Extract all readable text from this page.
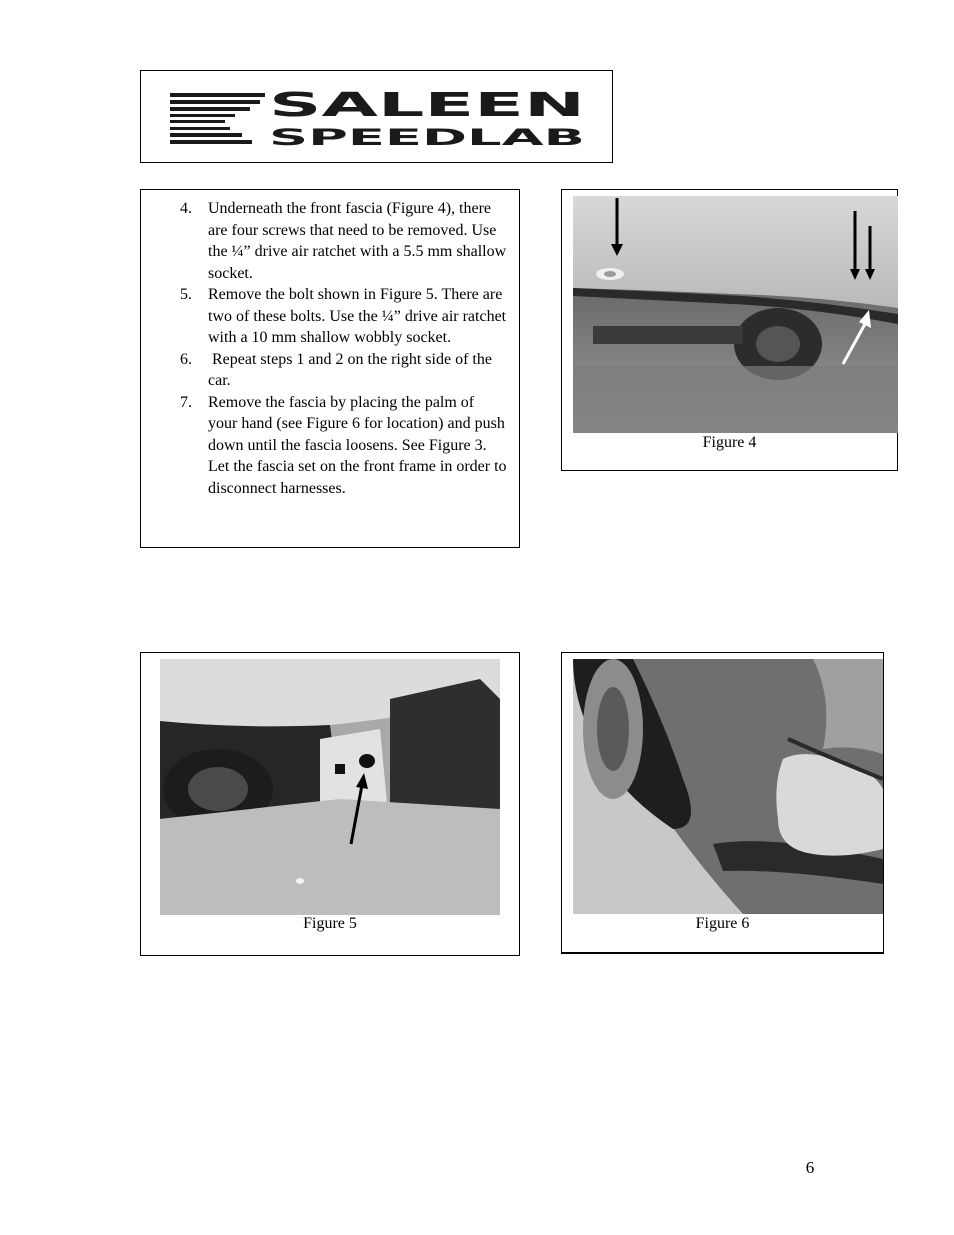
SALEEN
SPEEDLAB
4. Underneath the front fascia (Figure 4), there are four screws that need to be removed. Use the ¼” drive air ratchet with a 5.5 mm shallow socket.
5. Remove the bolt shown in Figure 5. There are two of these bolts. Use the ¼” drive air ratchet with a 10 mm shallow wobbly socket.
6. Repeat steps 1 and 2 on the right side of the car.
7. Remove the fascia by placing the palm of your hand (see Figure 6 for location) and push down until the fascia loosens. See Figure 3. Let the fascia set on the front frame in order to disconnect harnesses.
Figure 4
Figure 5	Figure 6
6
